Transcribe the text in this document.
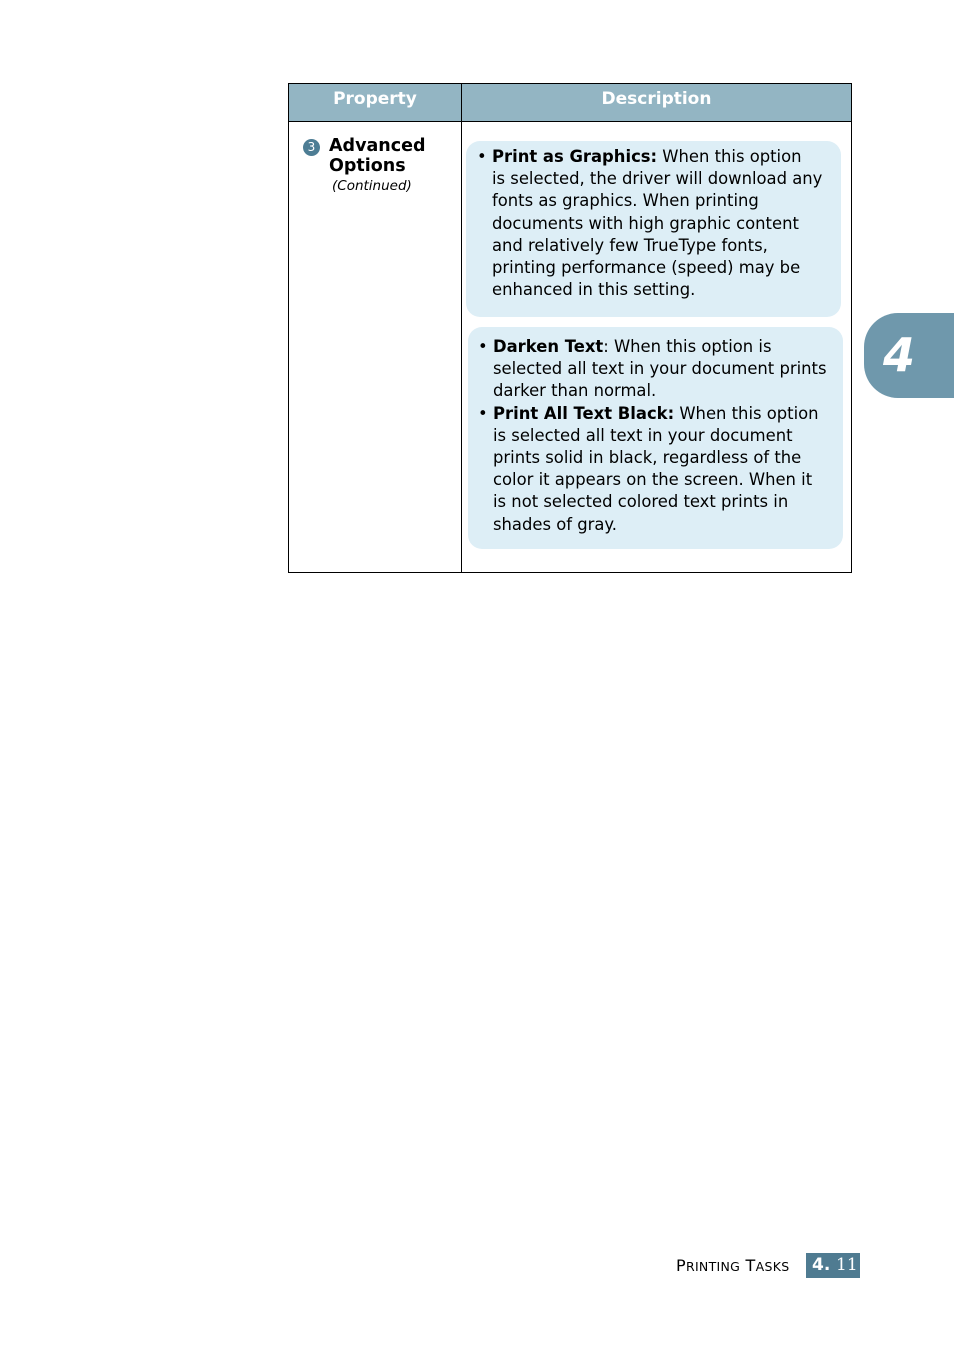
Property	Description
3 Advanced
Options
(Continued)
• Print as Graphics: When this option
is selected, the driver will download any
fonts as graphics. When printing
documents with high graphic content
and relatively few TrueType fonts,
printing performance (speed) may be
enhanced in this setting.
• Darken Text: When this option is
selected all text in your document prints
darker than normal.
• Print All Text Black: When this option
is selected all text in your document
prints solid in black, regardless of the
color it appears on the screen. When it
is not selected colored text prints in
shades of gray.
4
PRINTING TASKS 4. 11
